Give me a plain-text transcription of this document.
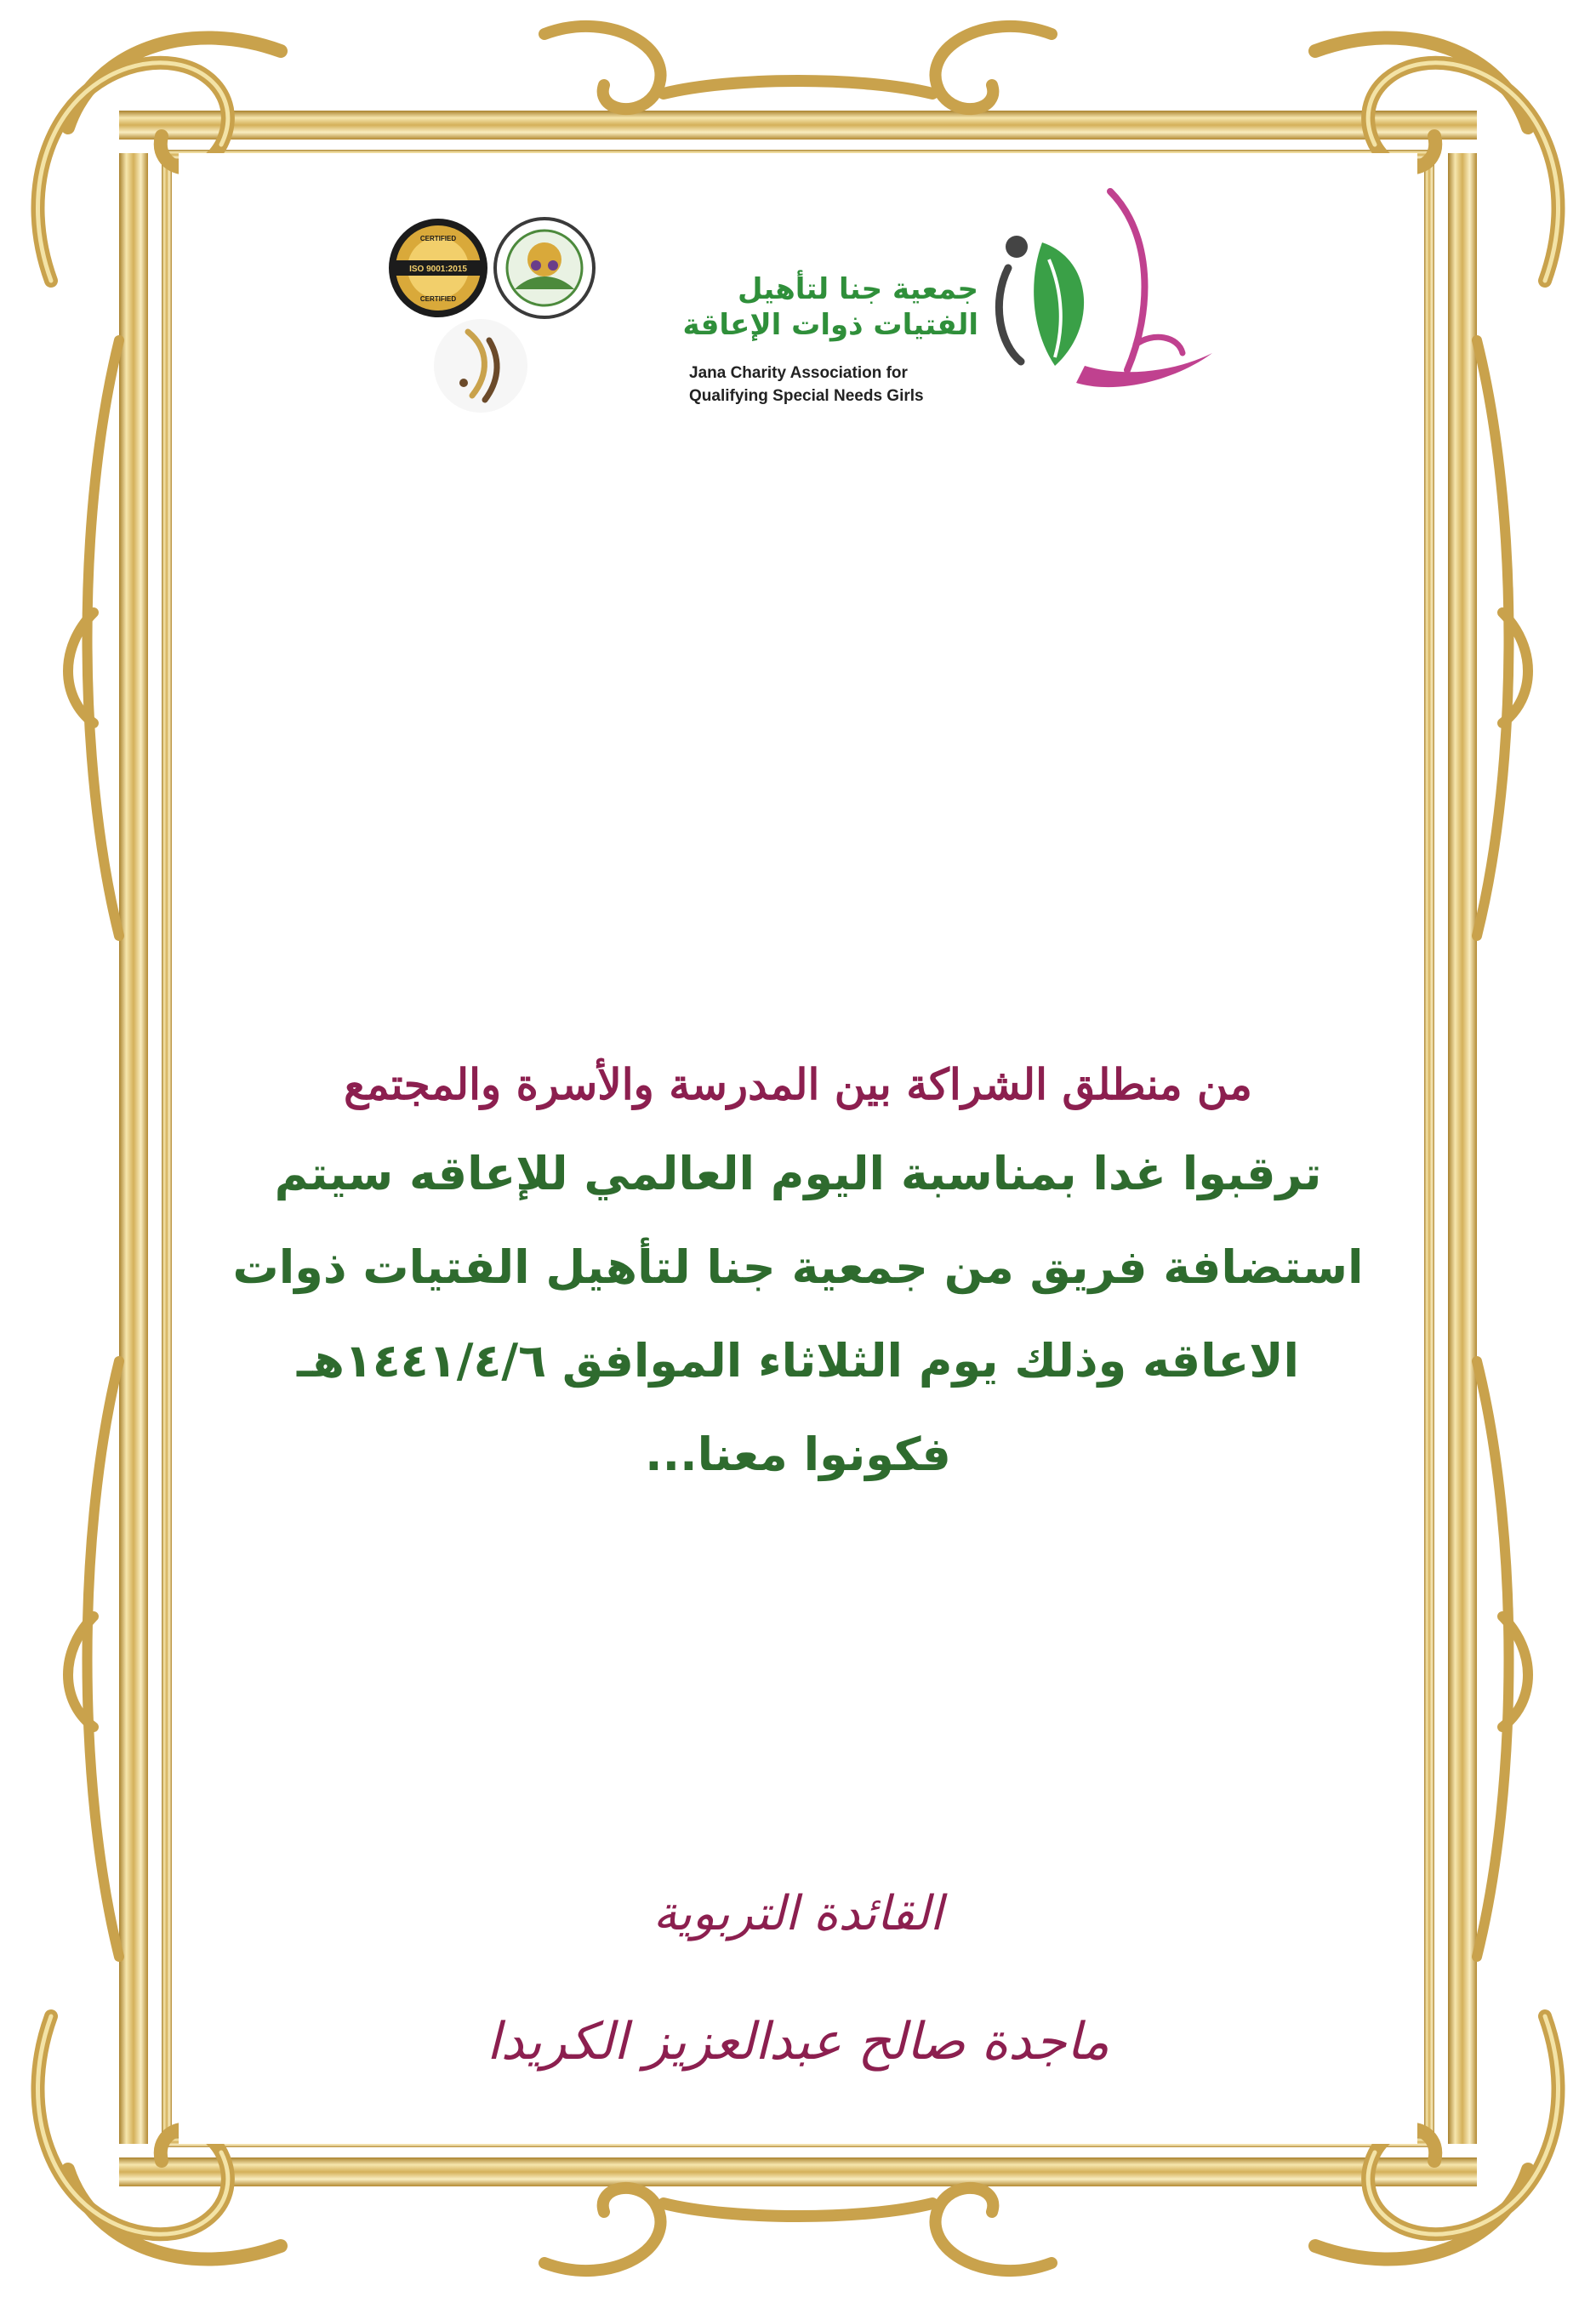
جمعية جنا لتأهيل
الفتيات ذوات الإعاقة
Jana Charity Association for
Qualifying Special Needs Girls
ISO 9001:2015
CERTIFIED
CERTIFIED
من منطلق الشراكة بين المدرسة والأسرة والمجتمع
ترقبوا غدا بمناسبة اليوم العالمي للإعاقه سيتم
استضافة فريق من جمعية جنا لتأهيل الفتيات ذوات
الاعاقه وذلك يوم الثلاثاء الموافق ١٤٤١/٤/٦هـ
فكونوا معنا...
القائدة التربوية
ماجدة صالح عبدالعزيز الكريدا
